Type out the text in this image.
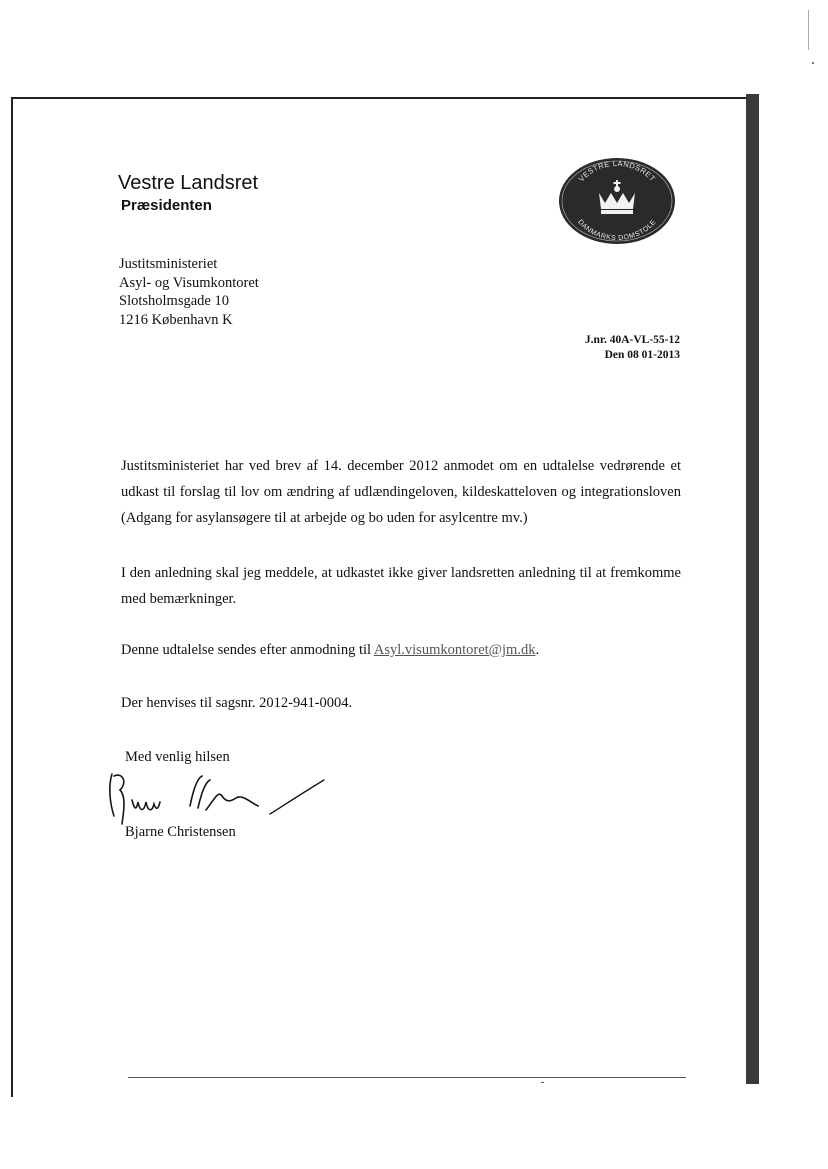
Vestre Landsret
Præsidenten
VESTRE LANDSRET
DANMARKS DOMSTOLE
Justitsministeriet
Asyl- og Visumkontoret
Slotsholmsgade 10
1216 København K
J.nr. 40A-VL-55-12
Den 08 01-2013
Justitsministeriet har ved brev af 14. december 2012 anmodet om en udtalelse vedrørende et udkast til forslag til lov om ændring af udlændingeloven, kildeskatteloven og integrationsloven (Adgang for asylansøgere til at arbejde og bo uden for asylcentre mv.)
I den anledning skal jeg meddele, at udkastet ikke giver landsretten anledning til at fremkomme med bemærkninger.
Denne udtalelse sendes efter anmodning til Asyl.visumkontoret@jm.dk.
Der henvises til sagsnr. 2012-941-0004.
Med venlig hilsen
Bjarne Christensen
